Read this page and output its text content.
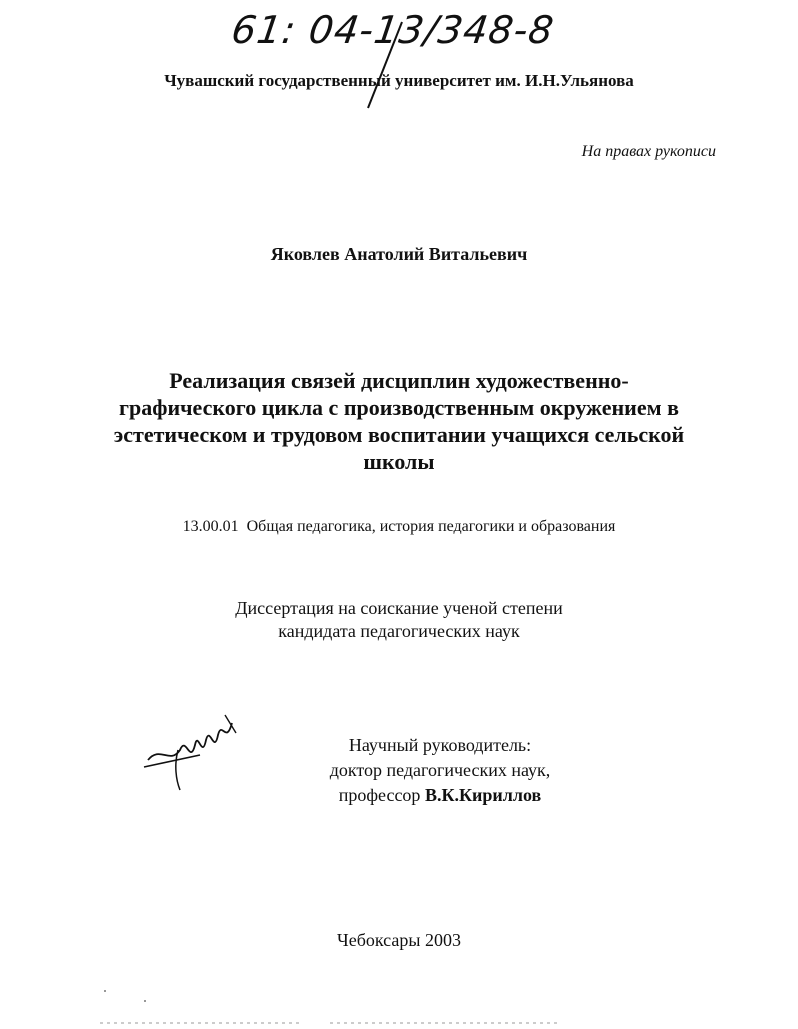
61: 04-13/348-8
Чувашский государственный университет им. И.Н.Ульянова
На правах рукописи
Яковлев Анатолий Витальевич
Реализация связей дисциплин художественно-
графического цикла с производственным окружением в
эстетическом и трудовом воспитании учащихся сельской
школы
13.00.01  Общая педагогика, история педагогики и образования
Диссертация на соискание ученой степени
кандидата педагогических наук
Научный руководитель:
доктор педагогических наук,
профессор В.К.Кириллов
Чебоксары 2003
